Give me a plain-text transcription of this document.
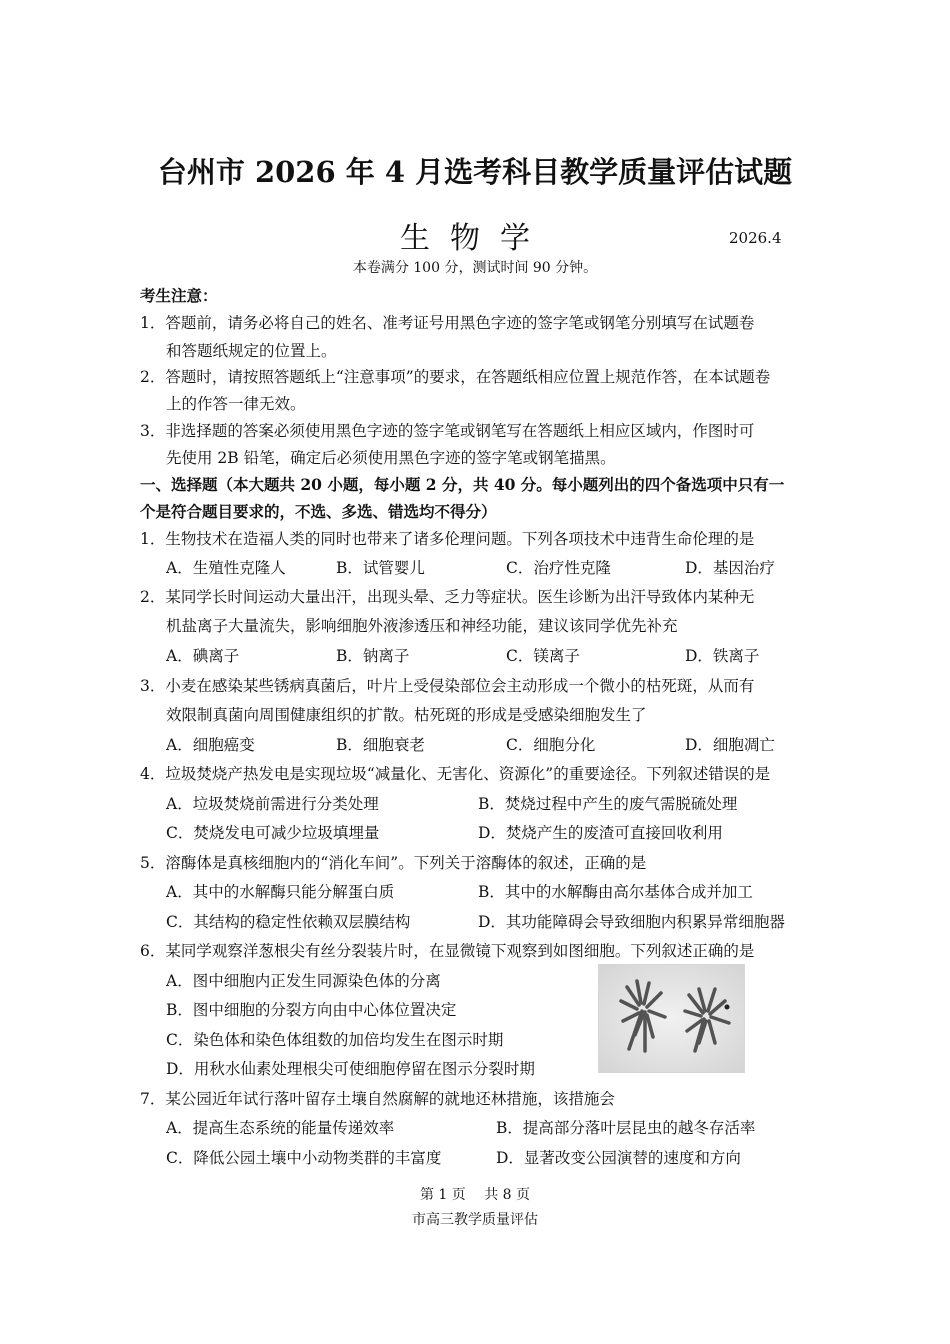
台州市 2026 年 4 月选考科目教学质量评估试题
生物学	2026.4
本卷满分 100 分，测试时间 90 分钟。
考生注意：
1．答题前，请务必将自己的姓名、准考证号用黑色字迹的签字笔或钢笔分别填写在试题卷
和答题纸规定的位置上。
2．答题时，请按照答题纸上“注意事项”的要求，在答题纸相应位置上规范作答，在本试题卷
上的作答一律无效。
3．非选择题的答案必须使用黑色字迹的签字笔或钢笔写在答题纸上相应区域内，作图时可
先使用 2B 铅笔，确定后必须使用黑色字迹的签字笔或钢笔描黑。
一、选择题（本大题共 20 小题，每小题 2 分，共 40 分。每小题列出的四个备选项中只有一
个是符合题目要求的，不选、多选、错选均不得分）
1．生物技术在造福人类的同时也带来了诸多伦理问题。下列各项技术中违背生命伦理的是
A．生殖性克隆人	B．试管婴儿	C．治疗性克隆	D．基因治疗
2．某同学长时间运动大量出汗，出现头晕、乏力等症状。医生诊断为出汗导致体内某种无
机盐离子大量流失，影响细胞外液渗透压和神经功能，建议该同学优先补充
A．碘离子	B．钠离子	C．镁离子	D．铁离子
3．小麦在感染某些锈病真菌后，叶片上受侵染部位会主动形成一个微小的枯死斑，从而有
效限制真菌向周围健康组织的扩散。枯死斑的形成是受感染细胞发生了
A．细胞癌变	B．细胞衰老	C．细胞分化	D．细胞凋亡
4．垃圾焚烧产热发电是实现垃圾“减量化、无害化、资源化”的重要途径。下列叙述错误的是
A．垃圾焚烧前需进行分类处理	B．焚烧过程中产生的废气需脱硫处理
C．焚烧发电可减少垃圾填埋量	D．焚烧产生的废渣可直接回收利用
5．溶酶体是真核细胞内的“消化车间”。下列关于溶酶体的叙述，正确的是
A．其中的水解酶只能分解蛋白质	B．其中的水解酶由高尔基体合成并加工
C．其结构的稳定性依赖双层膜结构	D．其功能障碍会导致细胞内积累异常细胞器
6．某同学观察洋葱根尖有丝分裂装片时，在显微镜下观察到如图细胞。下列叙述正确的是
A．图中细胞内正发生同源染色体的分离
B．图中细胞的分裂方向由中心体位置决定
C．染色体和染色体组数的加倍均发生在图示时期
D．用秋水仙素处理根尖可使细胞停留在图示分裂时期
7．某公园近年试行落叶留存土壤自然腐解的就地还林措施，该措施会
A．提高生态系统的能量传递效率	B．提高部分落叶层昆虫的越冬存活率
C．降低公园土壤中小动物类群的丰富度	D．显著改变公园演替的速度和方向
第 1 页　 共 8 页
市高三教学质量评估
